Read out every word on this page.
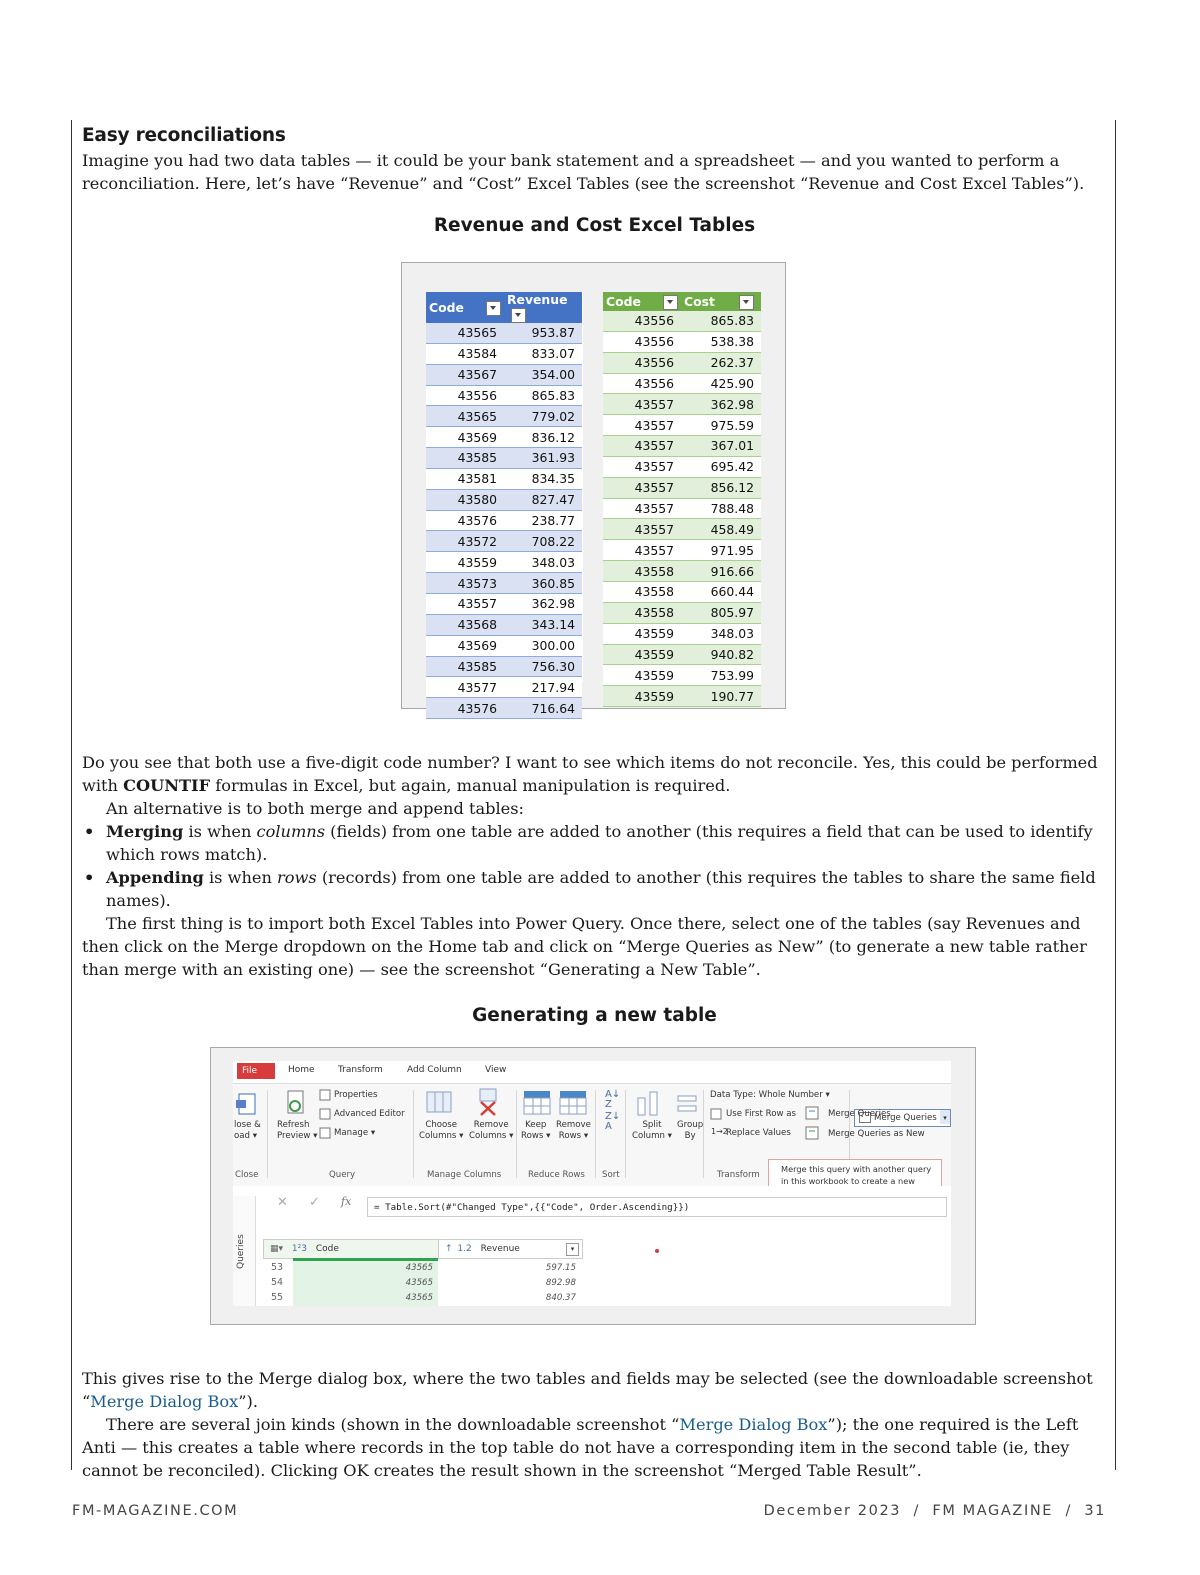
Easy reconciliations

Imagine you had two data tables — it could be your bank statement and a spreadsheet — and you wanted to perform a reconciliation. Here, let’s have “Revenue” and “Cost” Excel Tables (see the screenshot “Revenue and Cost Excel Tables”).

Revenue and Cost Excel Tables

Do you see that both use a five-digit code number? I want to see which items do not reconcile. Yes, this could be performed with COUNTIF formulas in Excel, but again, manual manipulation is required.

An alternative is to both merge and append tables:

• Merging is when columns (fields) from one table are added to another (this requires a field that can be used to identify which rows match).
• Appending is when rows (records) from one table are added to another (this requires the tables to share the same field names).

The first thing is to import both Excel Tables into Power Query. Once there, select one of the tables (say Revenues and then click on the Merge dropdown on the Home tab and click on “Merge Queries as New” (to generate a new table rather than merge with an existing one) — see the screenshot “Generating a New Table”.

Generating a new table

This gives rise to the Merge dialog box, where the two tables and fields may be selected (see the downloadable screenshot “Merge Dialog Box”).

There are several join kinds (shown in the downloadable screenshot “Merge Dialog Box”); the one required is the Left Anti — this creates a table where records in the top table do not have a corresponding item in the second table (ie, they cannot be reconciled). Clicking OK creates the result shown in the screenshot “Merged Table Result”.

Code	Revenue
43565	953.87
43584	833.07
43567	354.00
43556	865.83
43565	779.02
43569	836.12
43585	361.93
43581	834.35
43580	827.47
43576	238.77
43572	708.22
43559	348.03
43573	360.85
43557	362.98
43568	343.14
43569	300.00
43585	756.30
43577	217.94
43576	716.64
Code	Cost
43556	865.83
43556	538.38
43556	262.37
43556	425.90
43557	362.98
43557	975.59
43557	367.01
43557	695.42
43557	856.12
43557	788.48
43557	458.49
43557	971.95
43558	916.66
43558	660.44
43558	805.97
43559	348.03
43559	940.82
43559	753.99
43559	190.77
File	Home	Transform	Add Column	View
lose &
oad ▾
Refresh
Preview ▾
Properties
Advanced Editor
Manage ▾
Choose
Columns ▾
Remove
Columns ▾
Keep
Rows ▾
Remove
Rows ▾
A↓
Z
Z↓
A	Split
Column ▾
Group
By
Data Type: Whole Number ▾
Use First Row as
1→2
Replace Values
Merge Queries ▾
Merge Queries
Merge Queries as New
Close	Query	Manage Columns	Reduce Rows Sort	Transform
Merge this query with another query in this workbook to create a new
✕ ✓ fx	= Table.Sort(#"Changed Type",{{"Code", Order.Ascending}})
Queries	▦▾ 1²3 Code	↑ 1.2 Revenue	▾
53	43565	597.15
54	43565	892.98
55	43565	840.37
FM-MAGAZINE.COM	December 2023  /  FM MAGAZINE  /  31
